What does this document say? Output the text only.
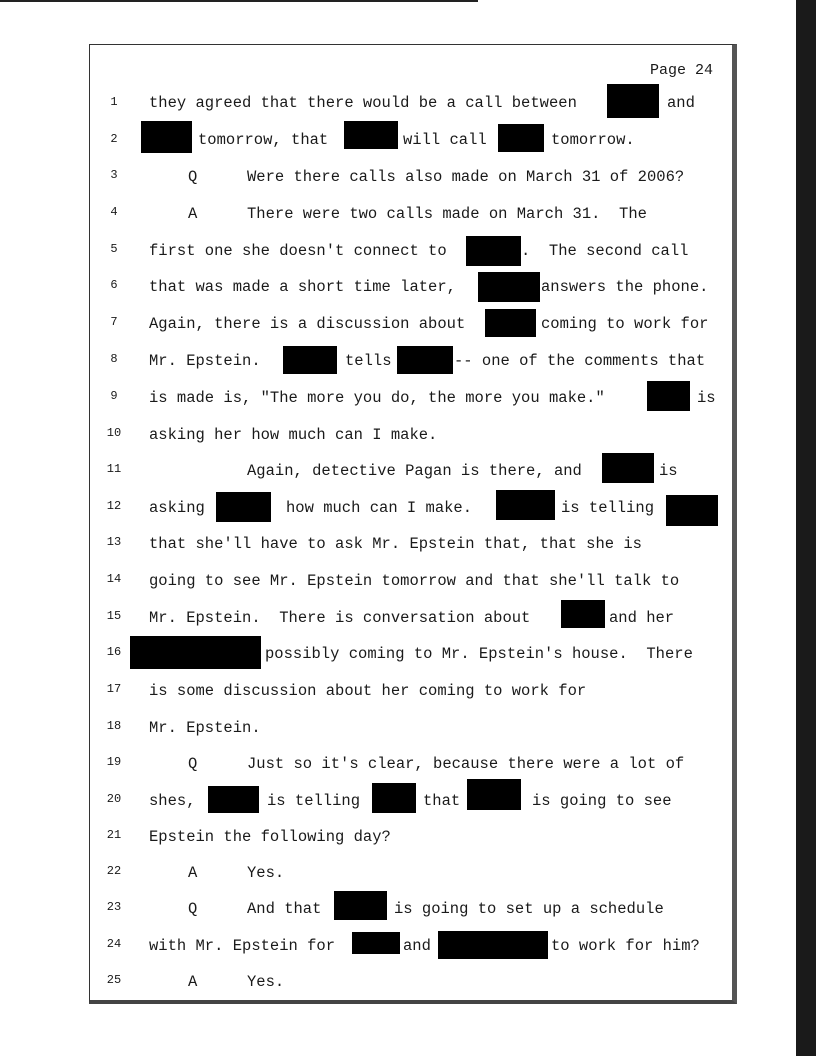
Page 24
1
2
3
4
5
6
7
8
9
10
11
12
13
14
15
16
17
18
19
20
21
22
23
24
25
they agreed that there would be a call between	and
tomorrow, that	will call	tomorrow.
Q	Were there calls also made on March 31 of 2006?
A	There were two calls made on March 31.  The
first one she doesn't connect to	.  The second call
that was made a short time later,	answers the phone.
Again, there is a discussion about	coming to work for
Mr. Epstein.	tells	-- one of the comments that
is made is, "The more you do, the more you make."	is
asking her how much can I make.
Again, detective Pagan is there, and	is
asking	how much can I make.	is telling
that she'll have to ask Mr. Epstein that, that she is
going to see Mr. Epstein tomorrow and that she'll talk to
Mr. Epstein.  There is conversation about	and her
possibly coming to Mr. Epstein's house.  There
is some discussion about her coming to work for
Mr. Epstein.
Q	Just so it's clear, because there were a lot of
shes,	is telling	that	is going to see
Epstein the following day?
A	Yes.
Q	And that	is going to set up a schedule
with Mr. Epstein for	and	to work for him?
A	Yes.
